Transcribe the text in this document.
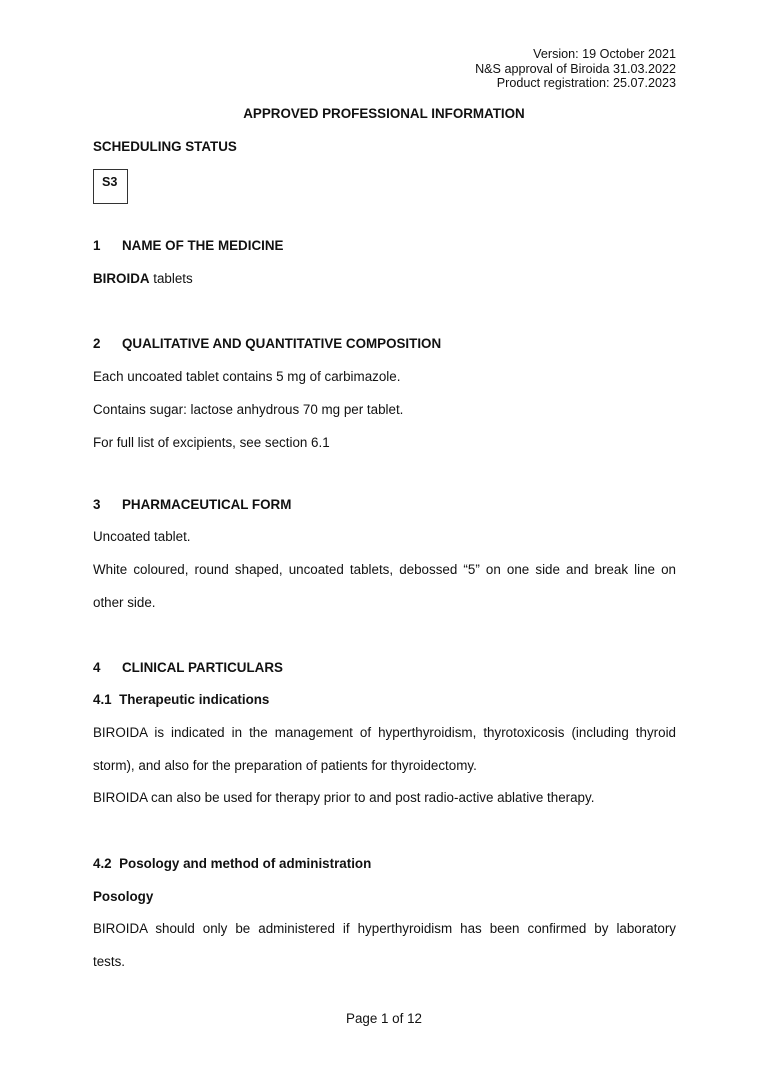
Version: 19 October 2021
N&S approval of Biroida 31.03.2022
Product registration: 25.07.2023
APPROVED PROFESSIONAL INFORMATION
SCHEDULING STATUS
S3
1 NAME OF THE MEDICINE
BIROIDA tablets
2 QUALITATIVE AND QUANTITATIVE COMPOSITION
Each uncoated tablet contains 5 mg of carbimazole.
Contains sugar: lactose anhydrous 70 mg per tablet.
For full list of excipients, see section 6.1
3 PHARMACEUTICAL FORM
Uncoated tablet.
White coloured, round shaped, uncoated tablets, debossed “5” on one side and break line on
other side.
4 CLINICAL PARTICULARS
4.1 Therapeutic indications
BIROIDA is indicated in the management of hyperthyroidism, thyrotoxicosis (including thyroid
storm), and also for the preparation of patients for thyroidectomy.
BIROIDA can also be used for therapy prior to and post radio-active ablative therapy.
4.2 Posology and method of administration
Posology
BIROIDA should only be administered if hyperthyroidism has been confirmed by laboratory
tests.
Page 1 of 12
